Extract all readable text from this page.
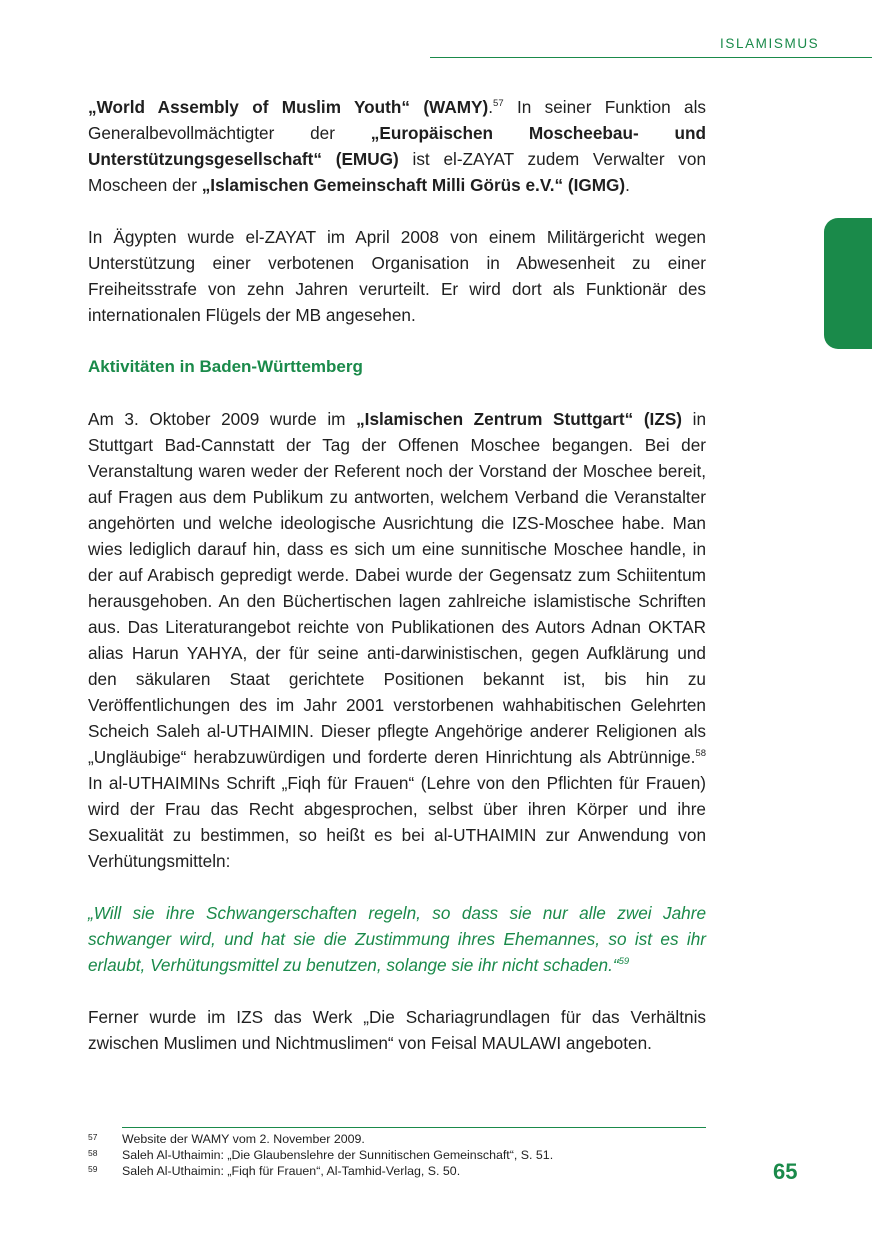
ISLAMISMUS

„World Assembly of Muslim Youth“ (WAMY).$^{57}$ In seiner Funktion als Generalbevollmächtigter der „Europäischen Moscheebau- und Unterstützungsgesellschaft“ (EMUG) ist el-ZAYAT zudem Verwalter von Moscheen der „Islamischen Gemeinschaft Milli Görüs e.V.“ (IGMG).

In Ägypten wurde el-ZAYAT im April 2008 von einem Militärgericht wegen Unterstützung einer verbotenen Organisation in Abwesenheit zu einer Freiheitsstrafe von zehn Jahren verurteilt. Er wird dort als Funktionär des internationalen Flügels der MB angesehen.

Aktivitäten in Baden-Württemberg

Am 3. Oktober 2009 wurde im „Islamischen Zentrum Stuttgart“ (IZS) in Stuttgart Bad-Cannstatt der Tag der Offenen Moschee begangen. Bei der Veranstaltung waren weder der Referent noch der Vorstand der Moschee bereit, auf Fragen aus dem Publikum zu antworten, welchem Verband die Veranstalter angehörten und welche ideologische Ausrichtung die IZS-Moschee habe. Man wies lediglich darauf hin, dass es sich um eine sunnitische Moschee handle, in der auf Arabisch gepredigt werde. Dabei wurde der Gegensatz zum Schiitentum herausgehoben. An den Büchertischen lagen zahlreiche islamistische Schriften aus. Das Literaturangebot reichte von Publikationen des Autors Adnan OKTAR alias Harun YAHYA, der für seine anti-darwinistischen, gegen Aufklärung und den säkularen Staat gerichtete Positionen bekannt ist, bis hin zu Veröffentlichungen des im Jahr 2001 verstorbenen wahhabitischen Gelehrten Scheich Saleh al-UTHAIMIN. Dieser pflegte Angehörige anderer Religionen als „Ungläubige“ herabzuwürdigen und forderte deren Hinrichtung als Abtrünnige.$^{58}$ In al-UTHAIMINs Schrift „Fiqh für Frauen“ (Lehre von den Pflichten für Frauen) wird der Frau das Recht abgesprochen, selbst über ihren Körper und ihre Sexualität zu bestimmen, so heißt es bei al-UTHAIMIN zur Anwendung von Verhütungsmitteln:

„Will sie ihre Schwangerschaften regeln, so dass sie nur alle zwei Jahre schwanger wird, und hat sie die Zustimmung ihres Ehemannes, so ist es ihr erlaubt, Verhütungsmittel zu benutzen, solange sie ihr nicht schaden.“$^{59}$

Ferner wurde im IZS das Werk „Die Schariagrundlagen für das Verhältnis zwischen Muslimen und Nichtmuslimen“ von Feisal MAULAWI angeboten.

57	Website der WAMY vom 2. November 2009.
58	Saleh Al-Uthaimin: „Die Glaubenslehre der Sunnitischen Gemeinschaft“, S. 51.
59	Saleh Al-Uthaimin: „Fiqh für Frauen“, Al-Tamhid-Verlag, S. 50.	65
